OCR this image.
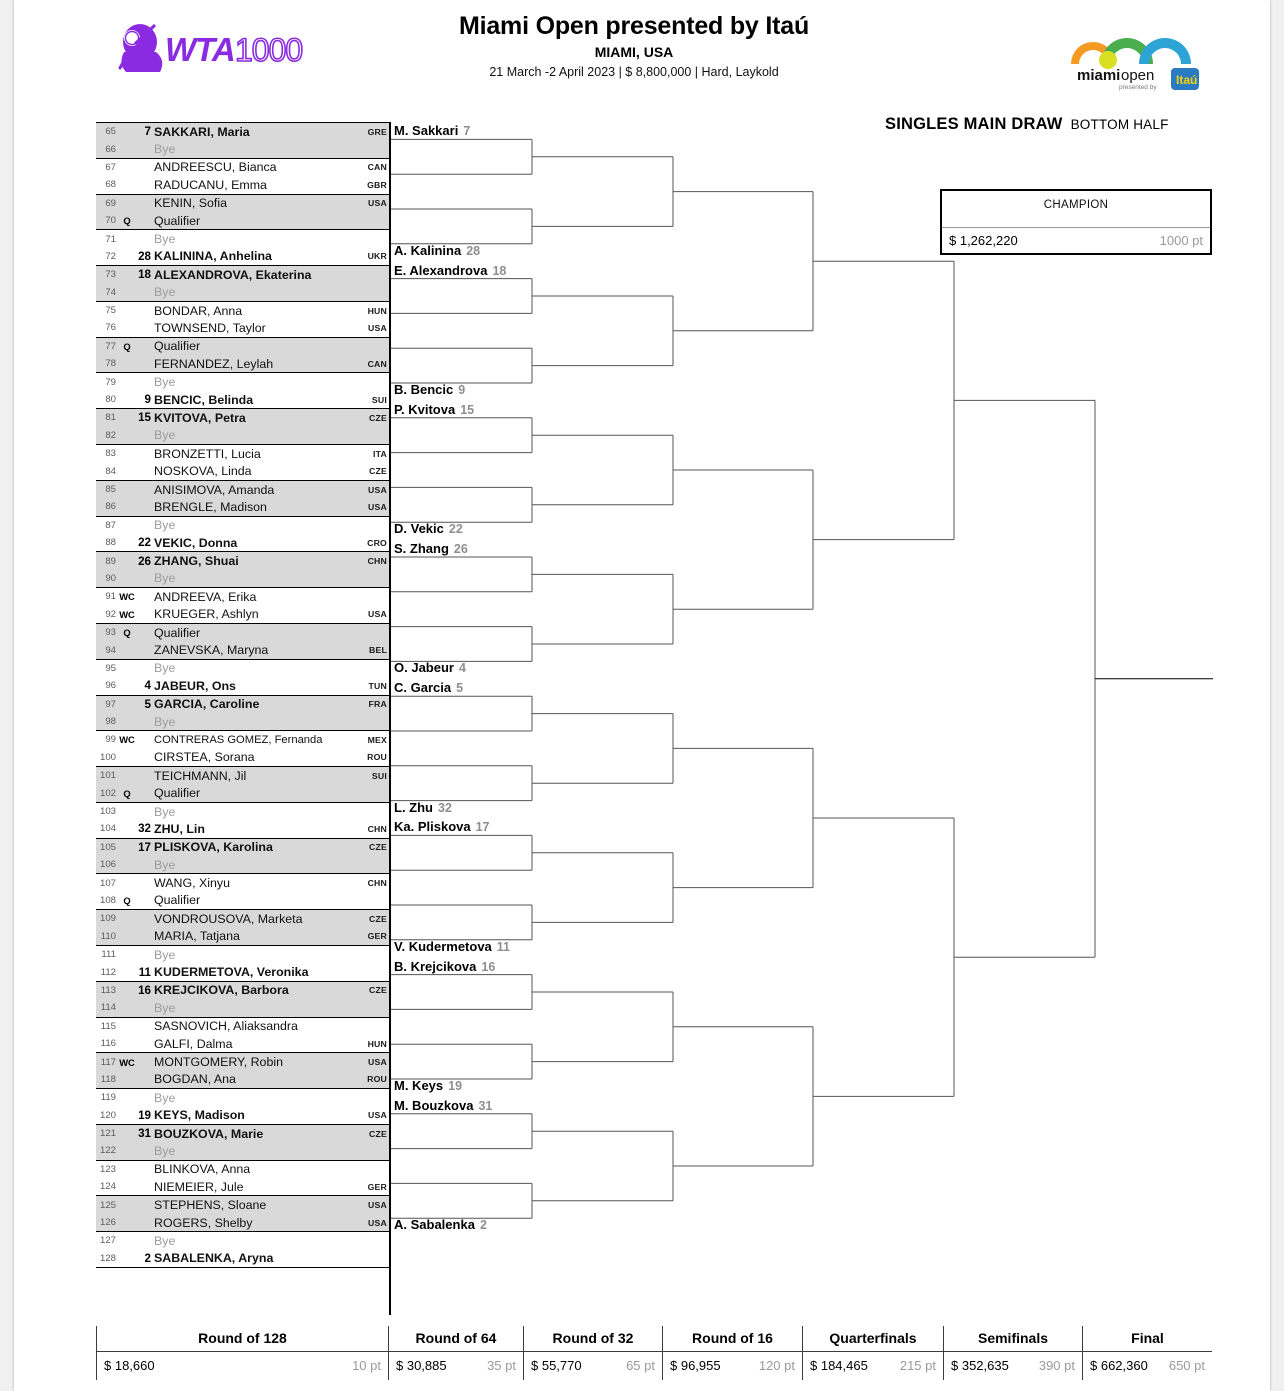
WTA 1000
Miami Open presented by Itaú
MIAMI, USA
21 March -2 April 2023 | $ 8,800,000 | Hard, Laykold	miami open
presented by
Itaú
SINGLES MAIN DRAW BOTTOM HALF
CHAMPION
$ 1,262,220	1000 pt
65	7 SAKKARI, Maria	GRE
66	Bye
67	ANDREESCU, Bianca	CAN
68	RADUCANU, Emma	GBR
69	KENIN, Sofia	USA
70 Q	Qualifier
71	Bye
72 28 KALININA, Anhelina	UKR
73 18 ALEXANDROVA, Ekaterina
74	Bye
75	BONDAR, Anna	HUN
76	TOWNSEND, Taylor	USA
77 Q	Qualifier
78	FERNANDEZ, Leylah	CAN
79	Bye
80	9 BENCIC, Belinda	SUI
81 15 KVITOVA, Petra	CZE
82	Bye
83	BRONZETTI, Lucia	ITA
84	NOSKOVA, Linda	CZE
85	ANISIMOVA, Amanda	USA
86	BRENGLE, Madison	USA
87	Bye
88 22 VEKIC, Donna	CRO
89 26 ZHANG, Shuai	CHN
90	Bye
91 WC ANDREEVA, Erika
92 WC KRUEGER, Ashlyn	USA
93 Q	Qualifier
94	ZANEVSKA, Maryna	BEL
95	Bye
96	4 JABEUR, Ons	TUN
97	5 GARCIA, Caroline	FRA
98	Bye
99 WC CONTRERAS GOMEZ, Fernanda	MEX
100	CIRSTEA, Sorana	ROU
101	TEICHMANN, Jil	SUI
102 Q	Qualifier
103	Bye
104 32 ZHU, Lin	CHN
105 17 PLISKOVA, Karolina	CZE
106	Bye
107	WANG, Xinyu	CHN
108 Q	Qualifier
109	VONDROUSOVA, Marketa	CZE
110	MARIA, Tatjana	GER
111	Bye
112 11 KUDERMETOVA, Veronika
113 16 KREJCIKOVA, Barbora	CZE
114	Bye
115	SASNOVICH, Aliaksandra
116	GALFI, Dalma	HUN
117 WC MONTGOMERY, Robin	USA
118	BOGDAN, Ana	ROU
119	Bye
120 19 KEYS, Madison	USA
121 31 BOUZKOVA, Marie	CZE
122	Bye
123	BLINKOVA, Anna
124	NIEMEIER, Jule	GER
125	STEPHENS, Sloane	USA
126	ROGERS, Shelby	USA
127	Bye
128	2 SABALENKA, Aryna
M. Sakkari 7
A. Kalinina 28
E. Alexandrova 18
B. Bencic 9
P. Kvitova 15
D. Vekic 22
S. Zhang 26
O. Jabeur 4
C. Garcia 5
L. Zhu 32
Ka. Pliskova 17
V. Kudermetova 11
B. Krejcikova 16
M. Keys 19
M. Bouzkova 31
A. Sabalenka 2
Round of 128	Round of 64	Round of 32	Round of 16	Quarterfinals	Semifinals	Final
$ 18,660	10 pt $ 30,885	35 pt $ 55,770	65 pt $ 96,955	120 pt $ 184,465 215 pt $ 352,635 390 pt $ 662,360 650 pt
